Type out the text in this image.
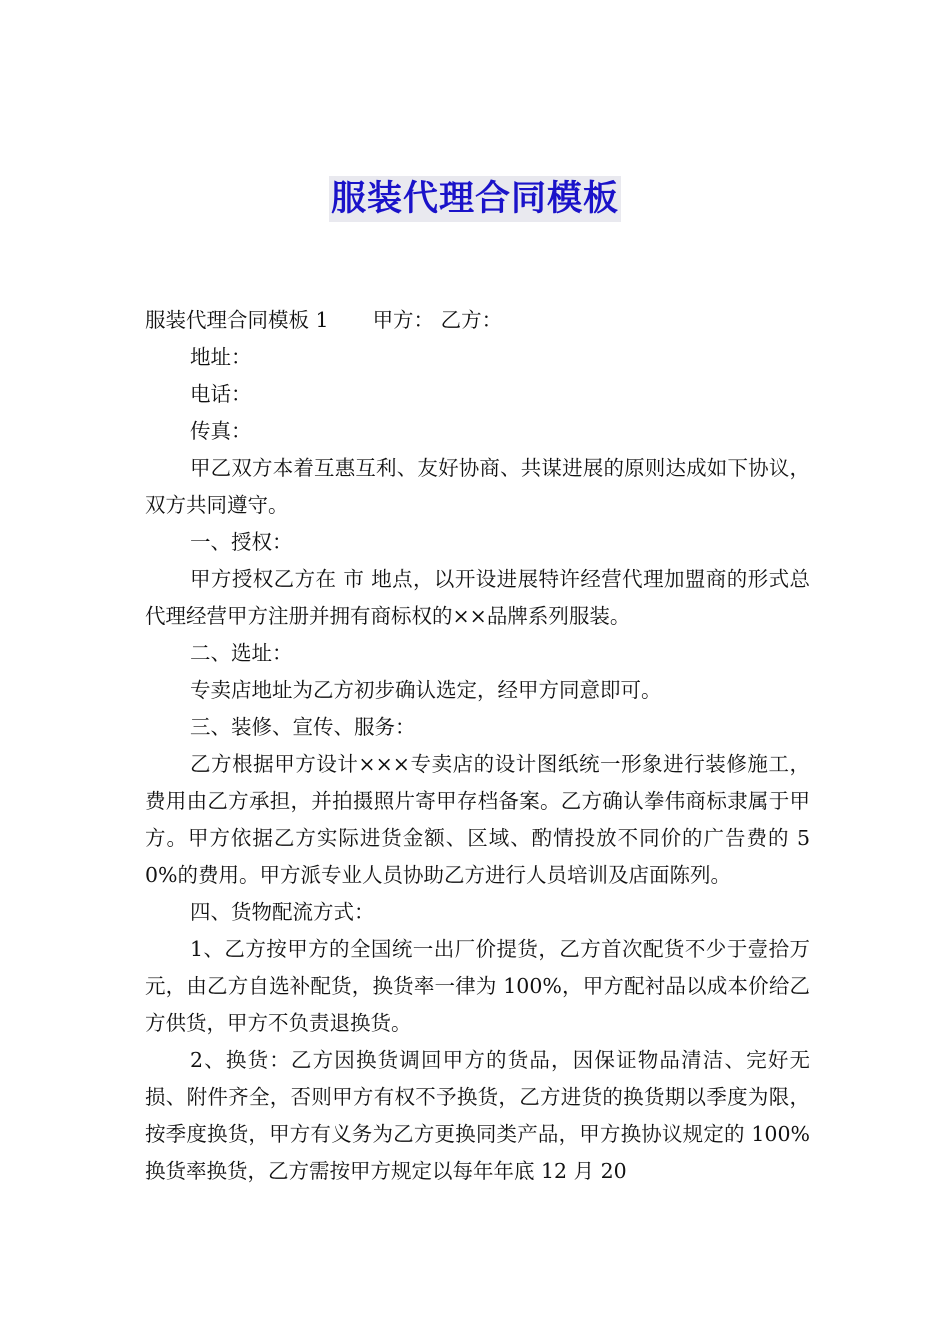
服装代理合同模板

服装代理合同模板 1 甲方： 乙方：

地址：

电话：

传真：

甲乙双方本着互惠互利、友好协商、共谋进展的原则达成如下协议，双方共同遵守。

一、授权：

甲方授权乙方在 市 地点，以开设进展特许经营代理加盟商的形式总代理经营甲方注册并拥有商标权的××品牌系列服装。

二、选址：

专卖店地址为乙方初步确认选定，经甲方同意即可。

三、装修、宣传、服务：

乙方根据甲方设计×××专卖店的设计图纸统一形象进行装修施工，费用由乙方承担，并拍摄照片寄甲存档备案。乙方确认拳伟商标隶属于甲方。甲方依据乙方实际进货金额、区域、酌情投放不同价的广告费的 50%的费用。甲方派专业人员协助乙方进行人员培训及店面陈列。

四、货物配流方式：

1、乙方按甲方的全国统一出厂价提货，乙方首次配货不少于壹拾万元，由乙方自选补配货，换货率一律为 100%，甲方配衬品以成本价给乙方供货，甲方不负责退换货。

2、换货：乙方因换货调回甲方的货品，因保证物品清洁、完好无损、附件齐全，否则甲方有权不予换货，乙方进货的换货期以季度为限，按季度换货，甲方有义务为乙方更换同类产品，甲方换协议规定的 100%换货率换货，乙方需按甲方规定以每年年底 12 月 20
